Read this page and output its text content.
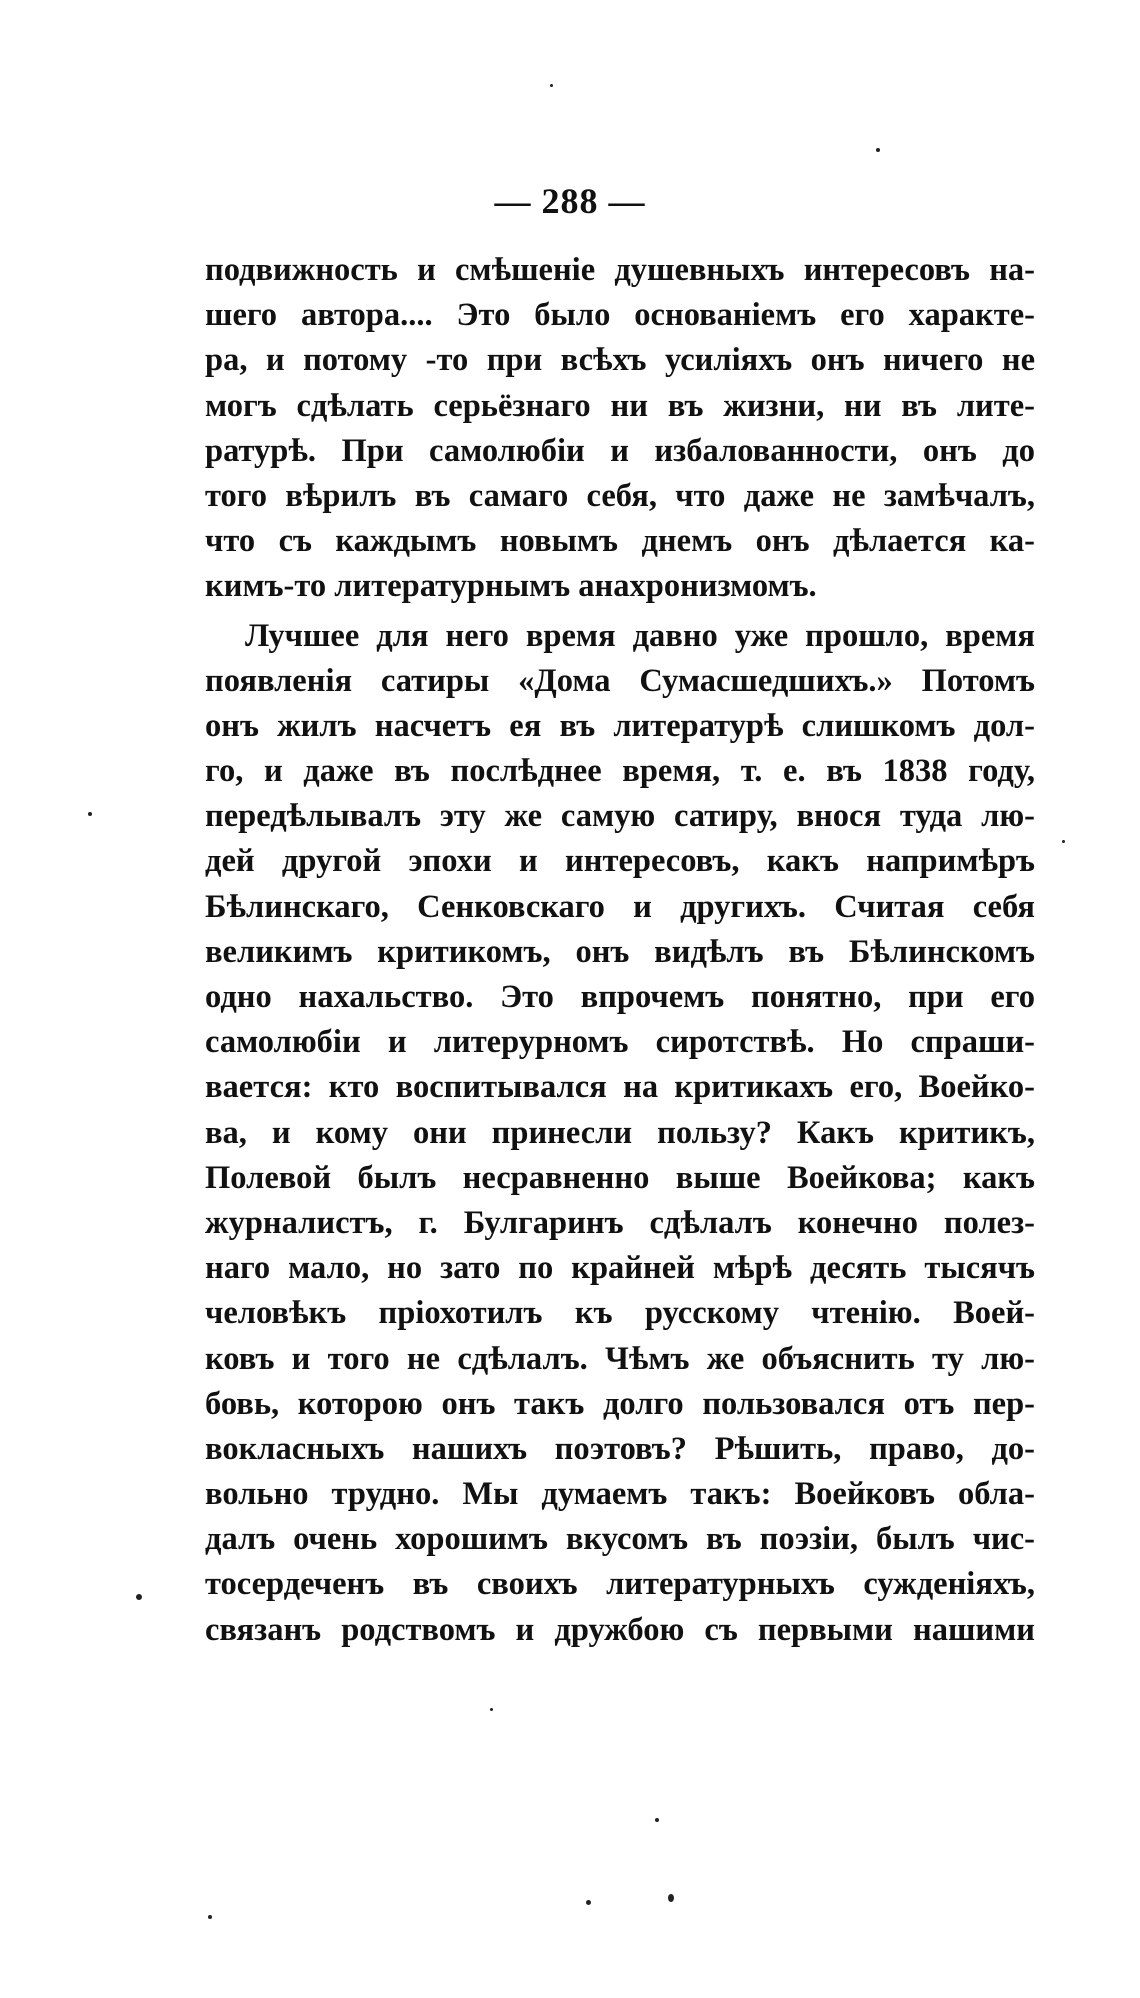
— 288 —
подвижность и смѣшеніе душевныхъ интересовъ на-
шего автора.... Это было основаніемъ его характе-
ра, и потому -то при всѣхъ усиліяхъ онъ ничего не
могъ сдѣлать серьёзнаго ни въ жизни, ни въ лите-
ратурѣ. При самолюбіи и избалованности, онъ до
того вѣрилъ въ самаго себя, что даже не замѣчалъ,
что съ каждымъ новымъ днемъ онъ дѣлается ка-
кимъ-то литературнымъ анахронизмомъ.
Лучшее для него время давно уже прошло, время
появленія сатиры «Дома Сумасшедшихъ.» Потомъ
онъ жилъ насчетъ ея въ литературѣ слишкомъ дол-
го, и даже въ послѣднее время, т. е. въ 1838 году,
передѣлывалъ эту же самую сатиру, внося туда лю-
дей другой эпохи и интересовъ, какъ напримѣръ
Бѣлинскаго, Сенковскаго и другихъ. Считая себя
великимъ критикомъ, онъ видѣлъ въ Бѣлинскомъ
одно нахальство. Это впрочемъ понятно, при его
самолюбіи и литерурномъ сиротствѣ. Но спраши-
вается: кто воспитывался на критикахъ его, Воейко-
ва, и кому они принесли пользу? Какъ критикъ,
Полевой былъ несравненно выше Воейкова; какъ
журналистъ, г. Булгаринъ сдѣлалъ конечно полез-
наго мало, но зато по крайней мѣрѣ десять тысячъ
человѣкъ пріохотилъ къ русскому чтенію. Воей-
ковъ и того не сдѣлалъ. Чѣмъ же объяснить ту лю-
бовь, которою онъ такъ долго пользовался отъ пер-
вокласныхъ нашихъ поэтовъ? Рѣшить, право, до-
вольно трудно. Мы думаемъ такъ: Воейковъ обла-
далъ очень хорошимъ вкусомъ въ поэзіи, былъ чис-
тосердеченъ въ своихъ литературныхъ сужденіяхъ,
связанъ родствомъ и дружбою съ первыми нашими
